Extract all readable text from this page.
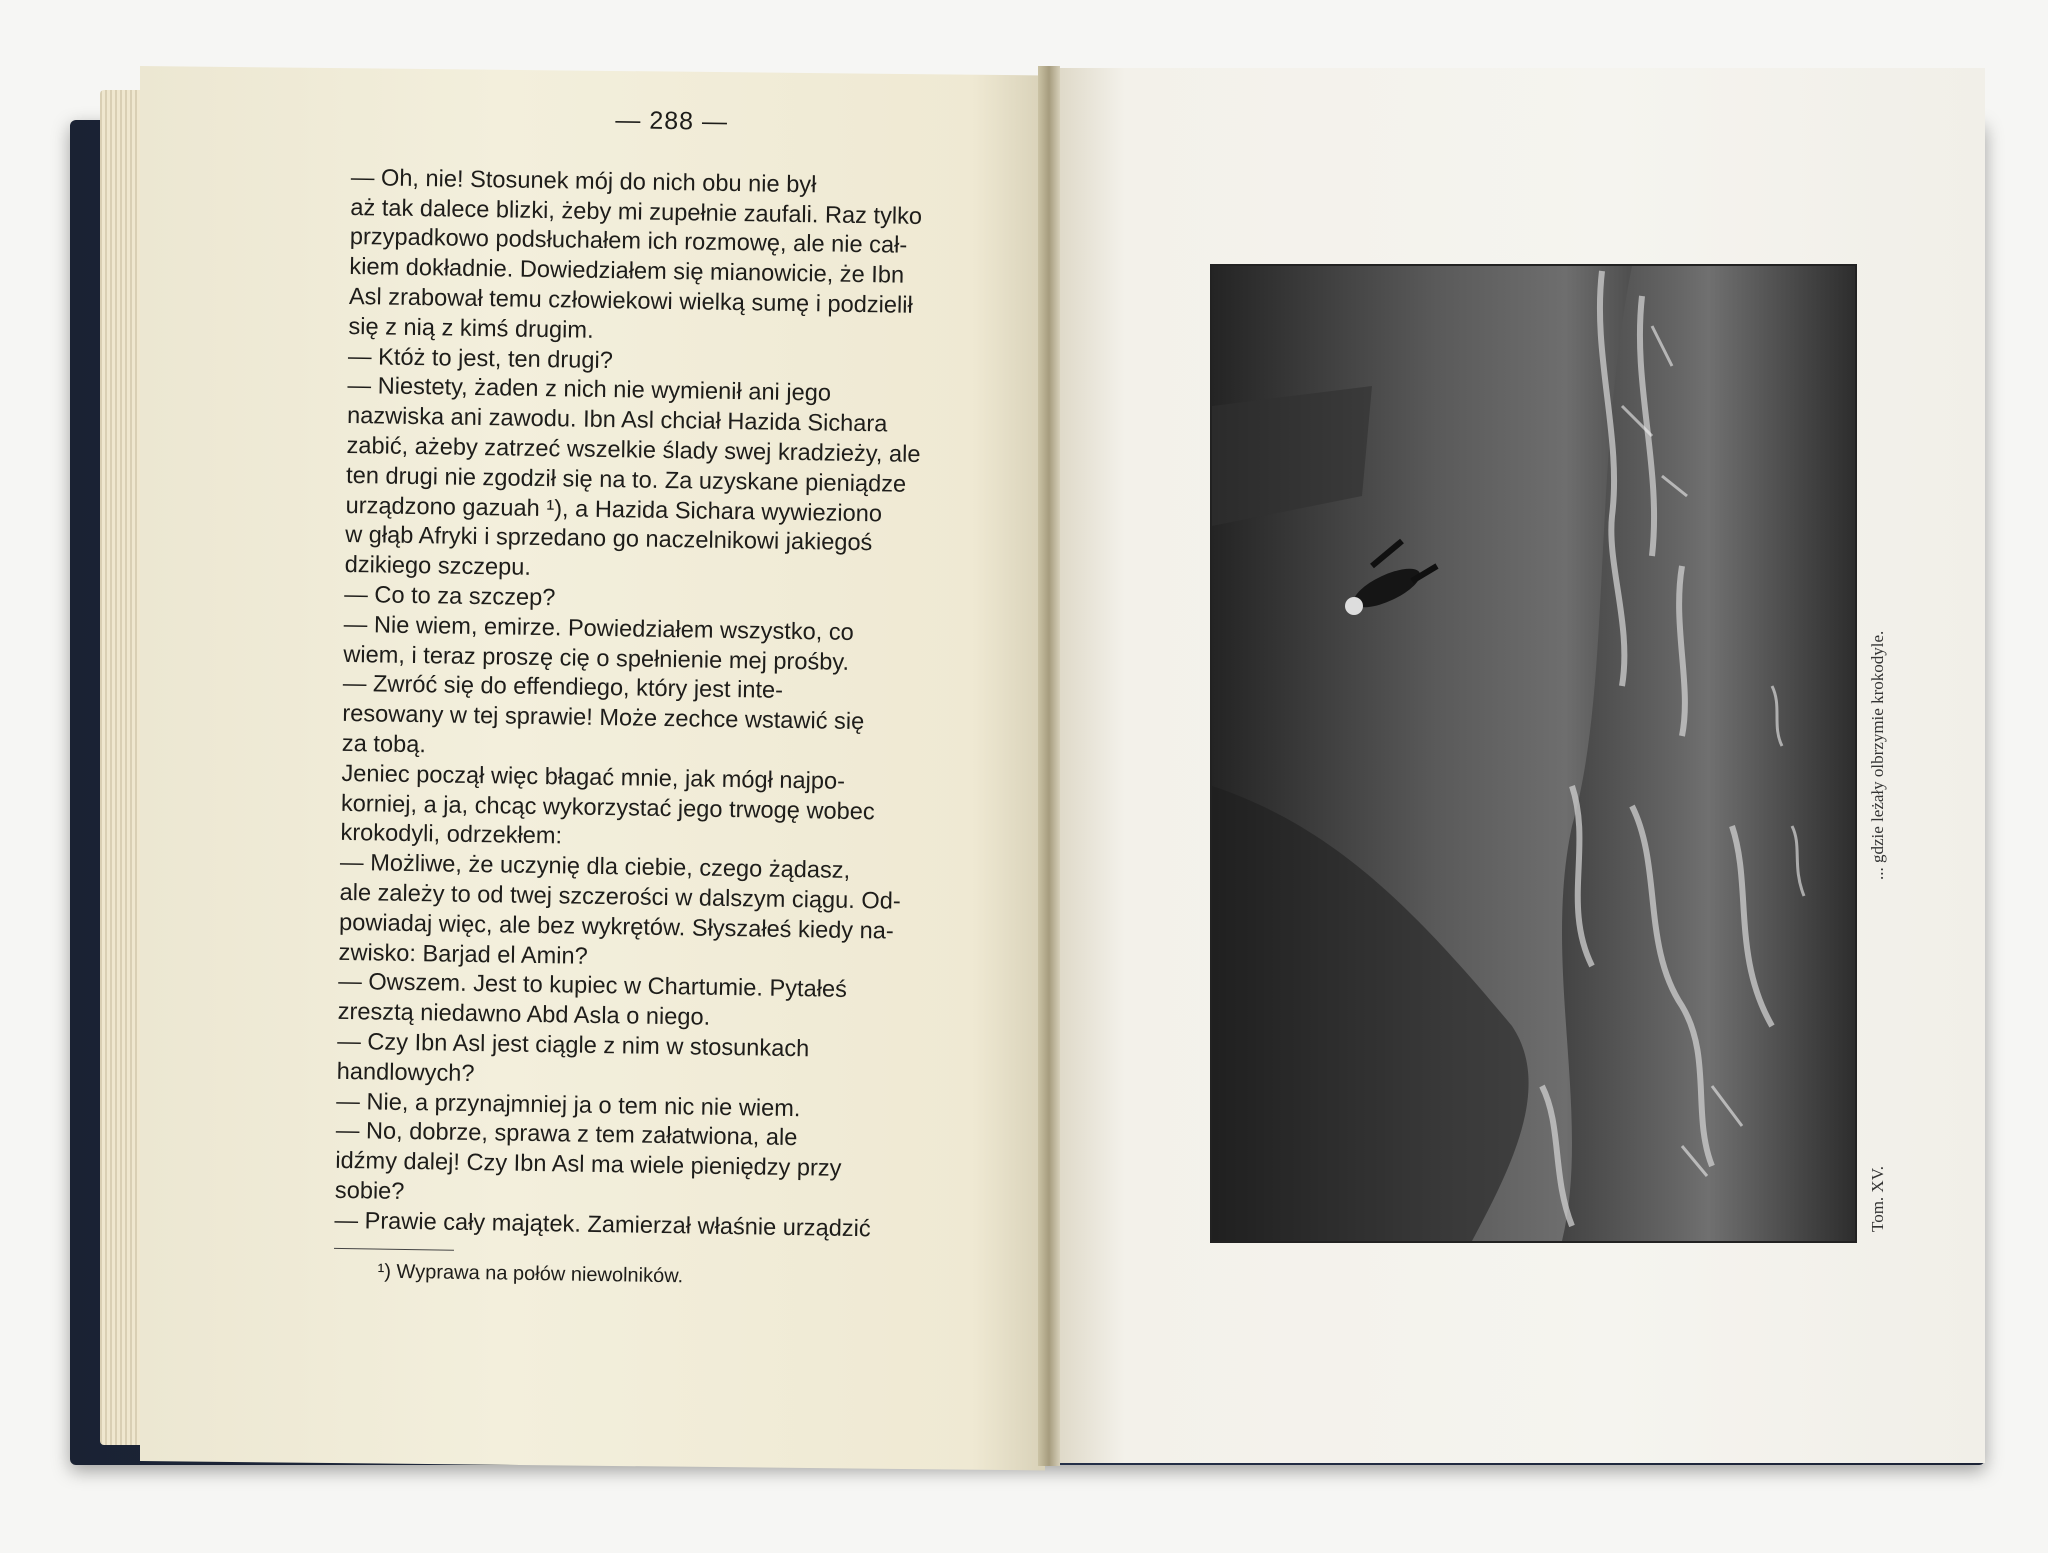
— 288 —
— Oh, nie! Stosunek mój do nich obu nie był
aż tak dalece blizki, żeby mi zupełnie zaufali. Raz tylko
przypadkowo podsłuchałem ich rozmowę, ale nie cał-
kiem dokładnie. Dowiedziałem się mianowicie, że Ibn
Asl zrabował temu człowiekowi wielką sumę i podzielił
się z nią z kimś drugim.
— Któż to jest, ten drugi?
— Niestety, żaden z nich nie wymienił ani jego
nazwiska ani zawodu. Ibn Asl chciał Hazida Sichara
zabić, ażeby zatrzeć wszelkie ślady swej kradzieży, ale
ten drugi nie zgodził się na to. Za uzyskane pieniądze
urządzono gazuah ¹), a Hazida Sichara wywieziono
w głąb Afryki i sprzedano go naczelnikowi jakiegoś
dzikiego szczepu.
— Co to za szczep?
— Nie wiem, emirze. Powiedziałem wszystko, co
wiem, i teraz proszę cię o spełnienie mej prośby.
— Zwróć się do effendiego, który jest inte-
resowany w tej sprawie! Może zechce wstawić się
za tobą.
Jeniec począł więc błagać mnie, jak mógł najpo-
korniej, a ja, chcąc wykorzystać jego trwogę wobec
krokodyli, odrzekłem:
— Możliwe, że uczynię dla ciebie, czego żądasz,
ale zależy to od twej szczerości w dalszym ciągu. Od-
powiadaj więc, ale bez wykrętów. Słyszałeś kiedy na-
zwisko: Barjad el Amin?
— Owszem. Jest to kupiec w Chartumie. Pytałeś
zresztą niedawno Abd Asla o niego.
— Czy Ibn Asl jest ciągle z nim w stosunkach
handlowych?
— Nie, a przynajmniej ja o tem nic nie wiem.
— No, dobrze, sprawa z tem załatwiona, ale
idźmy dalej! Czy Ibn Asl ma wiele pieniędzy przy
sobie?
— Prawie cały majątek. Zamierzał właśnie urządzić
¹) Wyprawa na połów niewolników.
... gdzie leżały olbrzymie krokodyle.
Tom. XV.
